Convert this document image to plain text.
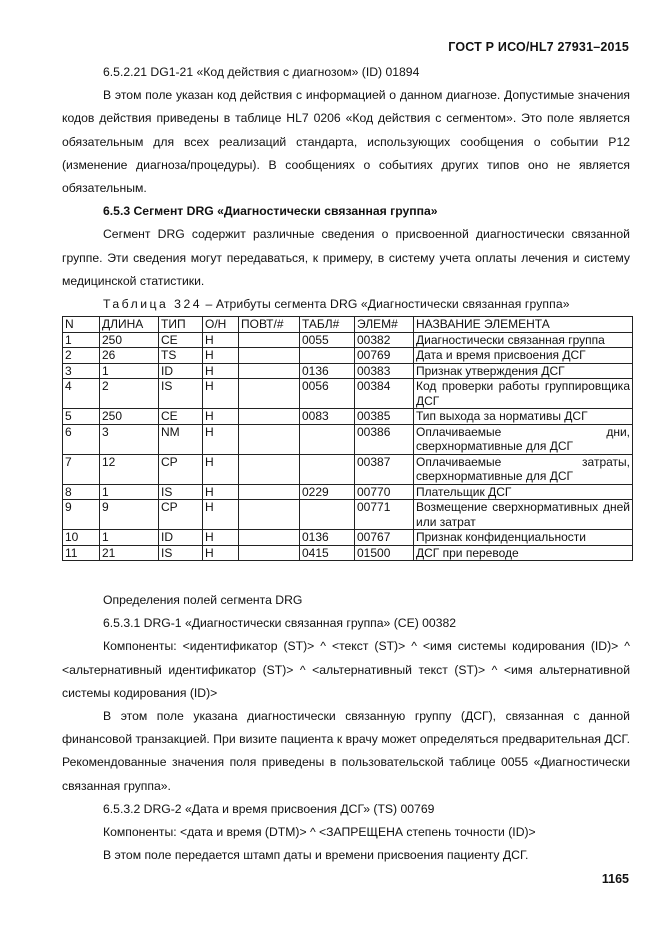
ГОСТ Р ИСО/HL7 27931–2015

6.5.2.21 DG1-21 «Код действия с диагнозом» (ID) 01894

В этом поле указан код действия с информацией о данном диагнозе. Допустимые значения кодов действия приведены в таблице HL7 0206 «Код действия с сегментом». Это поле является обязательным для всех реализаций стандарта, использующих сообщения о событии P12 (изменение диагноза/процедуры). В сообщениях о событиях других типов оно не является обязательным.

6.5.3 Сегмент DRG «Диагностически связанная группа»

Сегмент DRG содержит различные сведения о присвоенной диагностически связанной группе. Эти сведения могут передаваться, к примеру, в систему учета оплаты лечения и систему медицинской статистики.

Таблица 324 – Атрибуты сегмента DRG «Диагностически связанная группа»

N	ДЛИНА	ТИП	О/Н	ПОВТ/#	ТАБЛ#	ЭЛЕМ#	НАЗВАНИЕ ЭЛЕМЕНТА
1	250	CE	H		0055	00382	Диагностически связанная группа
2	26	TS	H			00769	Дата и время присвоения ДСГ
3	1	ID	H		0136	00383	Признак утверждения ДСГ
4	2	IS	H		0056	00384	Код проверки работы группировщика ДСГ
5	250	CE	H		0083	00385	Тип выхода за нормативы ДСГ
6	3	NM	H			00386	Оплачиваемые дни, сверхнормативные для ДСГ
7	12	CP	H			00387	Оплачиваемые затраты, сверхнормативные для ДСГ
8	1	IS	H		0229	00770	Плательщик ДСГ
9	9	CP	H			00771	Возмещение сверхнормативных дней или затрат
10	1	ID	H		0136	00767	Признак конфиденциальности
11	21	IS	H		0415	01500	ДСГ при переводе

Определения полей сегмента DRG

6.5.3.1 DRG-1 «Диагностически связанная группа» (CE) 00382

Компоненты: <идентификатор (ST)> ^ <текст (ST)> ^ <имя системы кодирования (ID)> ^ <альтернативный идентификатор (ST)> ^ <альтернативный текст (ST)> ^ <имя альтернативной системы кодирования (ID)>

В этом поле указана диагностически связанную группу (ДСГ), связанная с данной финансовой транзакцией. При визите пациента к врачу может определяться предварительная ДСГ. Рекомендованные значения поля приведены в пользовательской таблице 0055 «Диагностически связанная группа».

6.5.3.2 DRG-2 «Дата и время присвоения ДСГ» (TS) 00769

Компоненты: <дата и время (DTM)> ^ <ЗАПРЕЩЕНА степень точности (ID)>

В этом поле передается штамп даты и времени присвоения пациенту ДСГ.

1165
